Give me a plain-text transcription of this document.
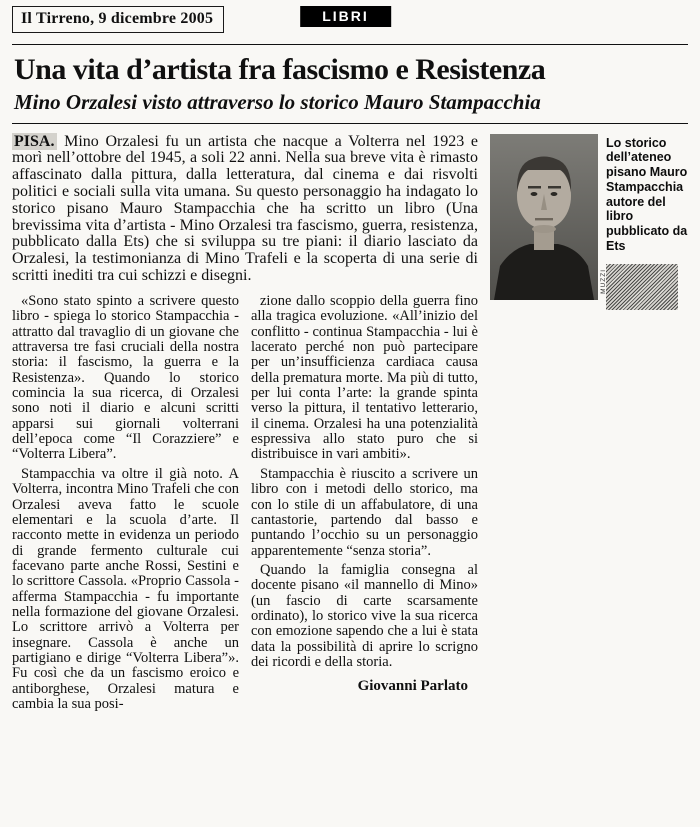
Il Tirreno, 9 dicembre 2005	LIBRI
Una vita d’artista fra fascismo e Resistenza
Mino Orzalesi visto attraverso lo storico Mauro Stampacchia

PISA. Mino Orzalesi fu un artista che nacque a Volterra nel 1923 e morì nell’ottobre del 1945, a soli 22 anni. Nella sua breve vita è rimasto affascinato dalla pittura, dalla letteratura, dal cinema e dai risvolti politici e sociali sulla vita umana. Su questo personaggio ha indagato lo storico pisano Mauro Stampacchia che ha scritto un libro (Una brevissima vita d’artista - Mino Orzalesi tra fascismo, guerra, resistenza, pubblicato dalla Ets) che si sviluppa su tre piani: il diario lasciato da Orzalesi, la testimonianza di Mino Trafeli e la scoperta di una serie di scritti inediti tra cui schizzi e disegni.

«Sono stato spinto a scrivere questo libro - spiega lo storico Stampacchia - attratto dal travaglio di un giovane che attraversa tre fasi cruciali della nostra storia: il fascismo, la guerra e la Resistenza». Quando lo storico comincia la sua ricerca, di Orzalesi sono noti il diario e alcuni scritti apparsi sui giornali volterrani dell’epoca come “Il Corazziere” e “Volterra Libera”.

Stampacchia va oltre il già noto. A Volterra, incontra Mino Trafeli che con Orzalesi aveva fatto le scuole elementari e la scuola d’arte. Il racconto mette in evidenza un periodo di grande fermento culturale cui facevano parte anche Rossi, Sestini e lo scrittore Cassola. «Proprio Cassola - afferma Stampacchia - fu importante nella formazione del giovane Orzalesi. Lo scrittore arrivò a Volterra per insegnare. Cassola è anche un partigiano e dirige “Volterra Libera”». Fu così che da un fascismo eroico e antiborghese, Orzalesi matura e cambia la sua posi-

zione dallo scoppio della guerra fino alla tragica evoluzione. «All’inizio del conflitto - continua Stampacchia - lui è lacerato perché non può partecipare per un’insufficienza cardiaca causa della prematura morte. Ma più di tutto, per lui conta l’arte: la grande spinta verso la pittura, il tentativo letterario, il cinema. Orzalesi ha una potenzialità espressiva allo stato puro che si distribuisce in vari ambiti».

Stampacchia è riuscito a scrivere un libro con i metodi dello storico, ma con lo stile di un affabulatore, di una cantastorie, partendo dal basso e puntando l’occhio su un personaggio apparentemente “senza storia”.

Quando la famiglia consegna al docente pisano «il mannello di Mino» (un fascio di carte scarsamente ordinato), lo storico vive la sua ricerca con emozione sapendo che a lui è stata data la possibilità di aprire lo scrigno dei ricordi e della storia.

Giovanni Parlato
MUZZI
Lo storico dell’ateneo pisano Mauro Stampacchia autore del libro pubblicato da Ets
